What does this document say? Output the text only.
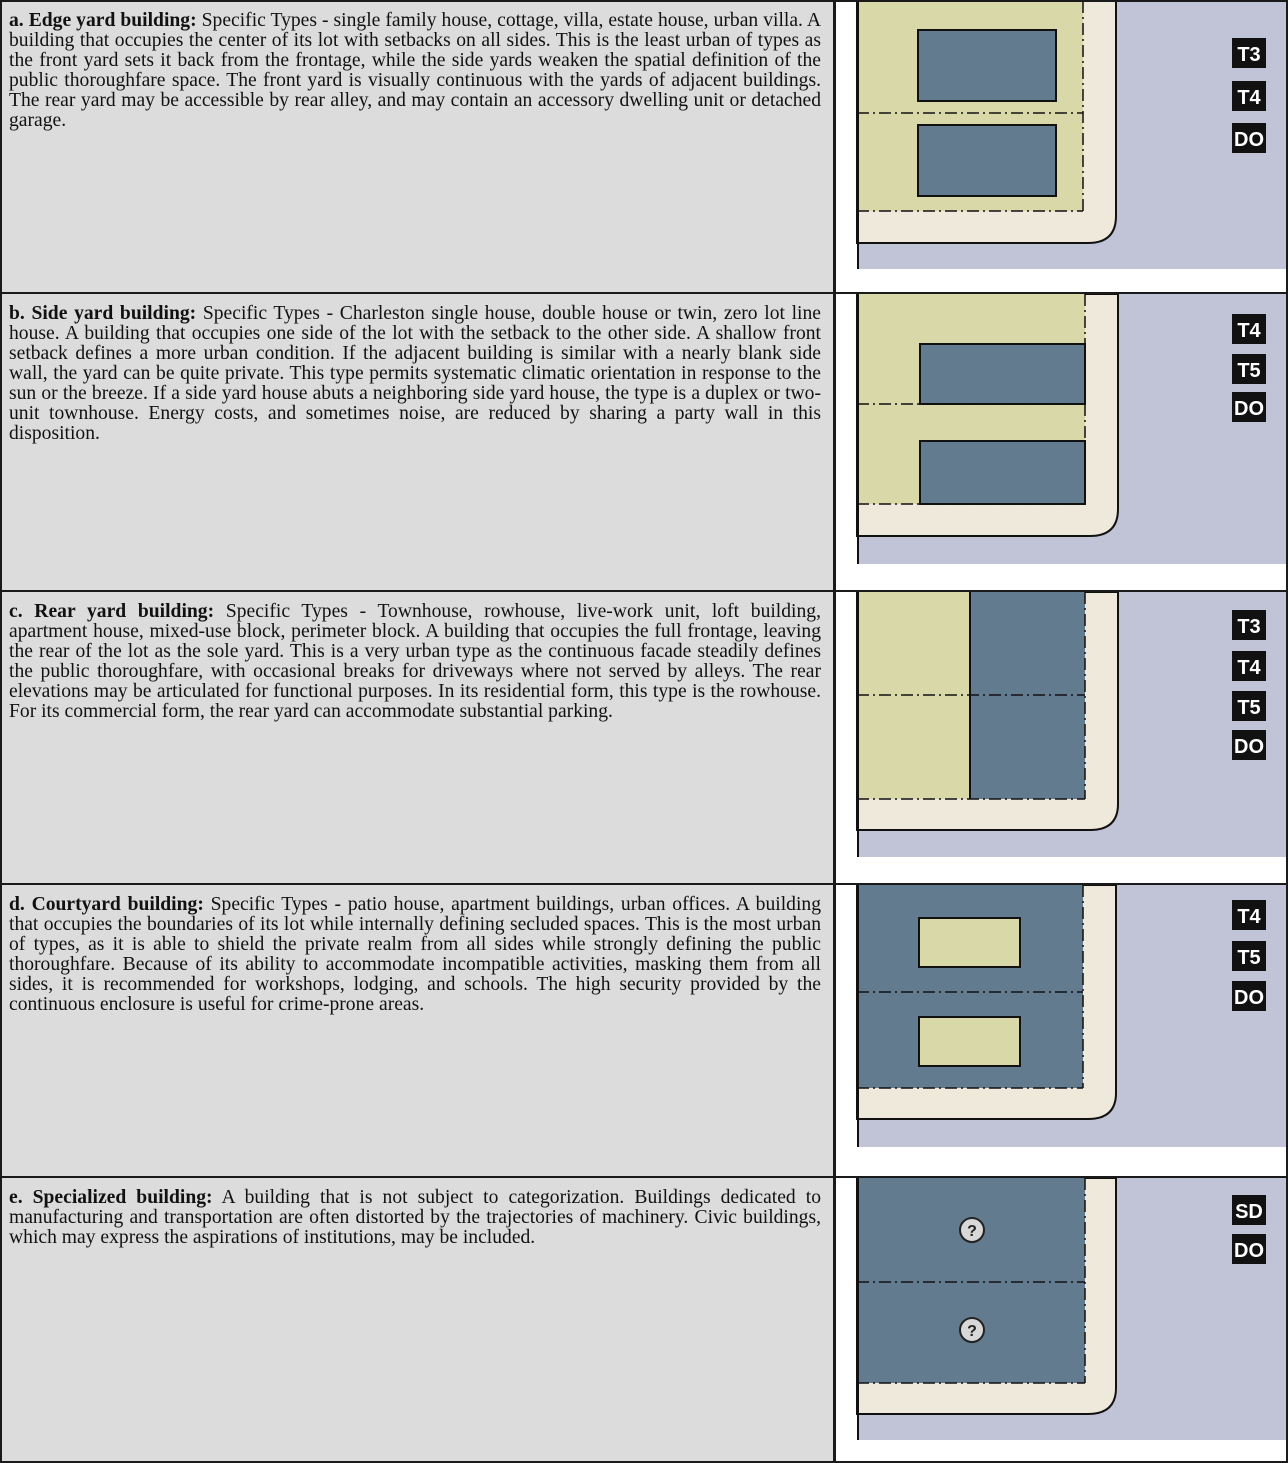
a. Edge yard building: Specific Types - single family house, cottage, villa, estate house, urban villa. A building that occupies the center of its lot with setbacks on all sides. This is the least urban of types as the front yard sets it back from the frontage, while the side yards weaken the spatial definition of the public thoroughfare space. The front yard is visually continuous with the yards of adjacent buildings. The rear yard may be accessible by rear alley, and may contain an accessory dwelling unit or detached garage.

T3
T4
DO

b. Side yard building: Specific Types - Charleston single house, double house or twin, zero lot line house. A building that occupies one side of the lot with the setback to the other side. A shallow front setback defines a more urban condition. If the adjacent building is similar with a nearly blank side wall, the yard can be quite private. This type permits systematic climatic orientation in response to the sun or the breeze. If a side yard house abuts a neighboring side yard house, the type is a duplex or two-unit townhouse. Energy costs, and sometimes noise, are reduced by sharing a party wall in this disposition.

T4
T5
DO

c. Rear yard building: Specific Types - Townhouse, rowhouse, live-work unit, loft building, apartment house, mixed-use block, perimeter block. A building that occupies the full frontage, leaving the rear of the lot as the sole yard. This is a very urban type as the continuous facade steadily defines the public thoroughfare, with occasional breaks for driveways where not served by alleys. The rear elevations may be articulated for functional purposes. In its residential form, this type is the rowhouse. For its commercial form, the rear yard can accommodate substantial parking.

T3
T4
T5
DO

d. Courtyard building: Specific Types - patio house, apartment buildings, urban offices. A building that occupies the boundaries of its lot while internally defining secluded spaces. This is the most urban of types, as it is able to shield the private realm from all sides while strongly defining the public thoroughfare. Because of its ability to accommodate incompatible activities, masking them from all sides, it is recommended for workshops, lodging, and schools. The high security provided by the continuous enclosure is useful for crime-prone areas.

T4
T5
DO

e. Specialized building: A building that is not subject to categorization. Buildings dedicated to manufacturing and transportation are often distorted by the trajectories of machinery. Civic buildings, which may express the aspirations of institutions, may be included.	?
?
SD
DO
